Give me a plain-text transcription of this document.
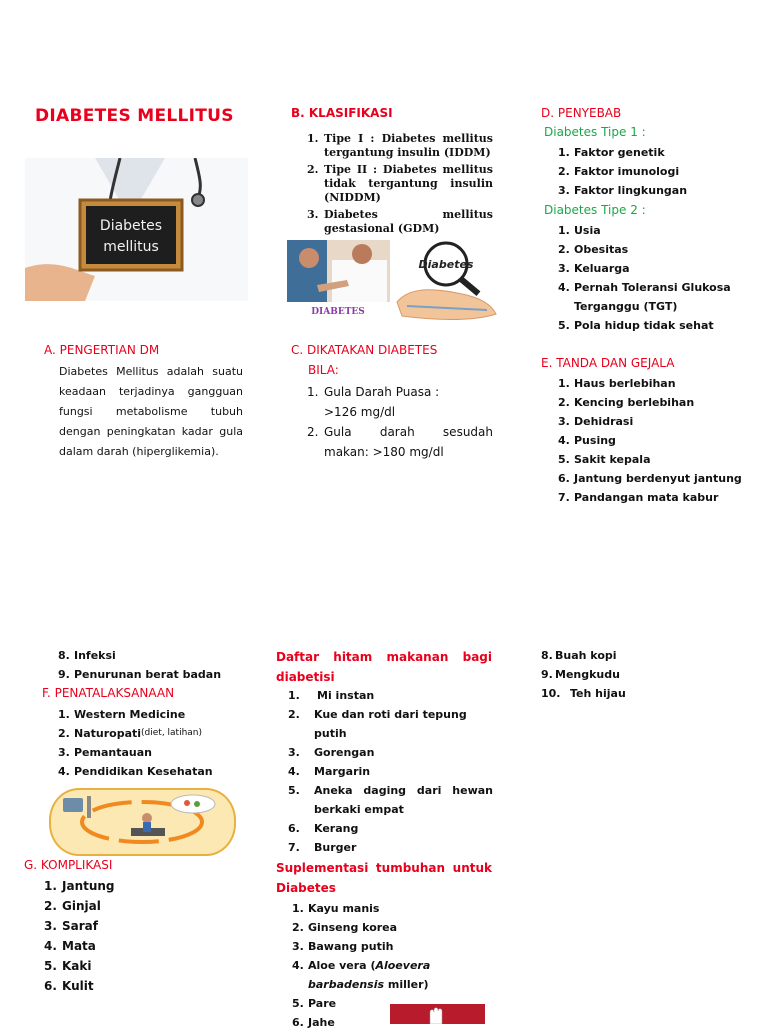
DIABETES MELLITUS
Diabetes
mellitus
A. PENGERTIAN DM
Diabetes Mellitus adalah suatu keadaan terjadinya gangguan fungsi metabolisme tubuh dengan peningkatan kadar gula dalam darah (hiperglikemia).
B. KLASIFIKASI
1. Tipe I : Diabetes mellitus tergantung insulin (IDDM)
2. Tipe II : Diabetes mellitus tidak tergantung insulin (NIDDM)
3. Diabetes mellitus gestasional (GDM)
DIABETES
Diabetes
C. DIKATAKAN DIABETES
BILA:
1. Gula Darah Puasa :
>126 mg/dl
2. Gula darah sesudah
makan: >180 mg/dl
D. PENYEBAB
Diabetes Tipe 1 :
1. Faktor genetik
2. Faktor imunologi
3. Faktor lingkungan
Diabetes Tipe 2 :
1. Usia
2. Obesitas
3. Keluarga
4. Pernah Toleransi Glukosa
Terganggu (TGT)
5. Pola hidup tidak sehat
E. TANDA DAN GEJALA
1. Haus berlebihan
2. Kencing berlebihan
3. Dehidrasi
4. Pusing
5. Sakit kepala
6. Jantung berdenyut jantung
7. Pandangan mata kabur
8. Infeksi
9. Penurunan berat badan
F. PENATALAKSANAAN
1. Western Medicine
2. Naturopati (diet, latihan)
3. Pemantauan
4. Pendidikan Kesehatan
G. KOMPLIKASI
1. Jantung
2. Ginjal
3. Saraf
4. Mata
5. Kaki
6. Kulit
Daftar hitam makanan bagi diabetisi
1.	Mi instan
2.	Kue dan roti dari tepung putih
3.	Gorengan
4.	Margarin
5.	Aneka daging dari hewan
berkaki empat
6.	Kerang
7.	Burger
Suplementasi tumbuhan untuk Diabetes
1. Kayu manis
2. Ginseng korea
3. Bawang putih
4. Aloe vera (Aloevera
barbadensis miller)
5. Pare
6. Jahe
8. Buah kopi
9. Mengkudu
10. Teh hijau
